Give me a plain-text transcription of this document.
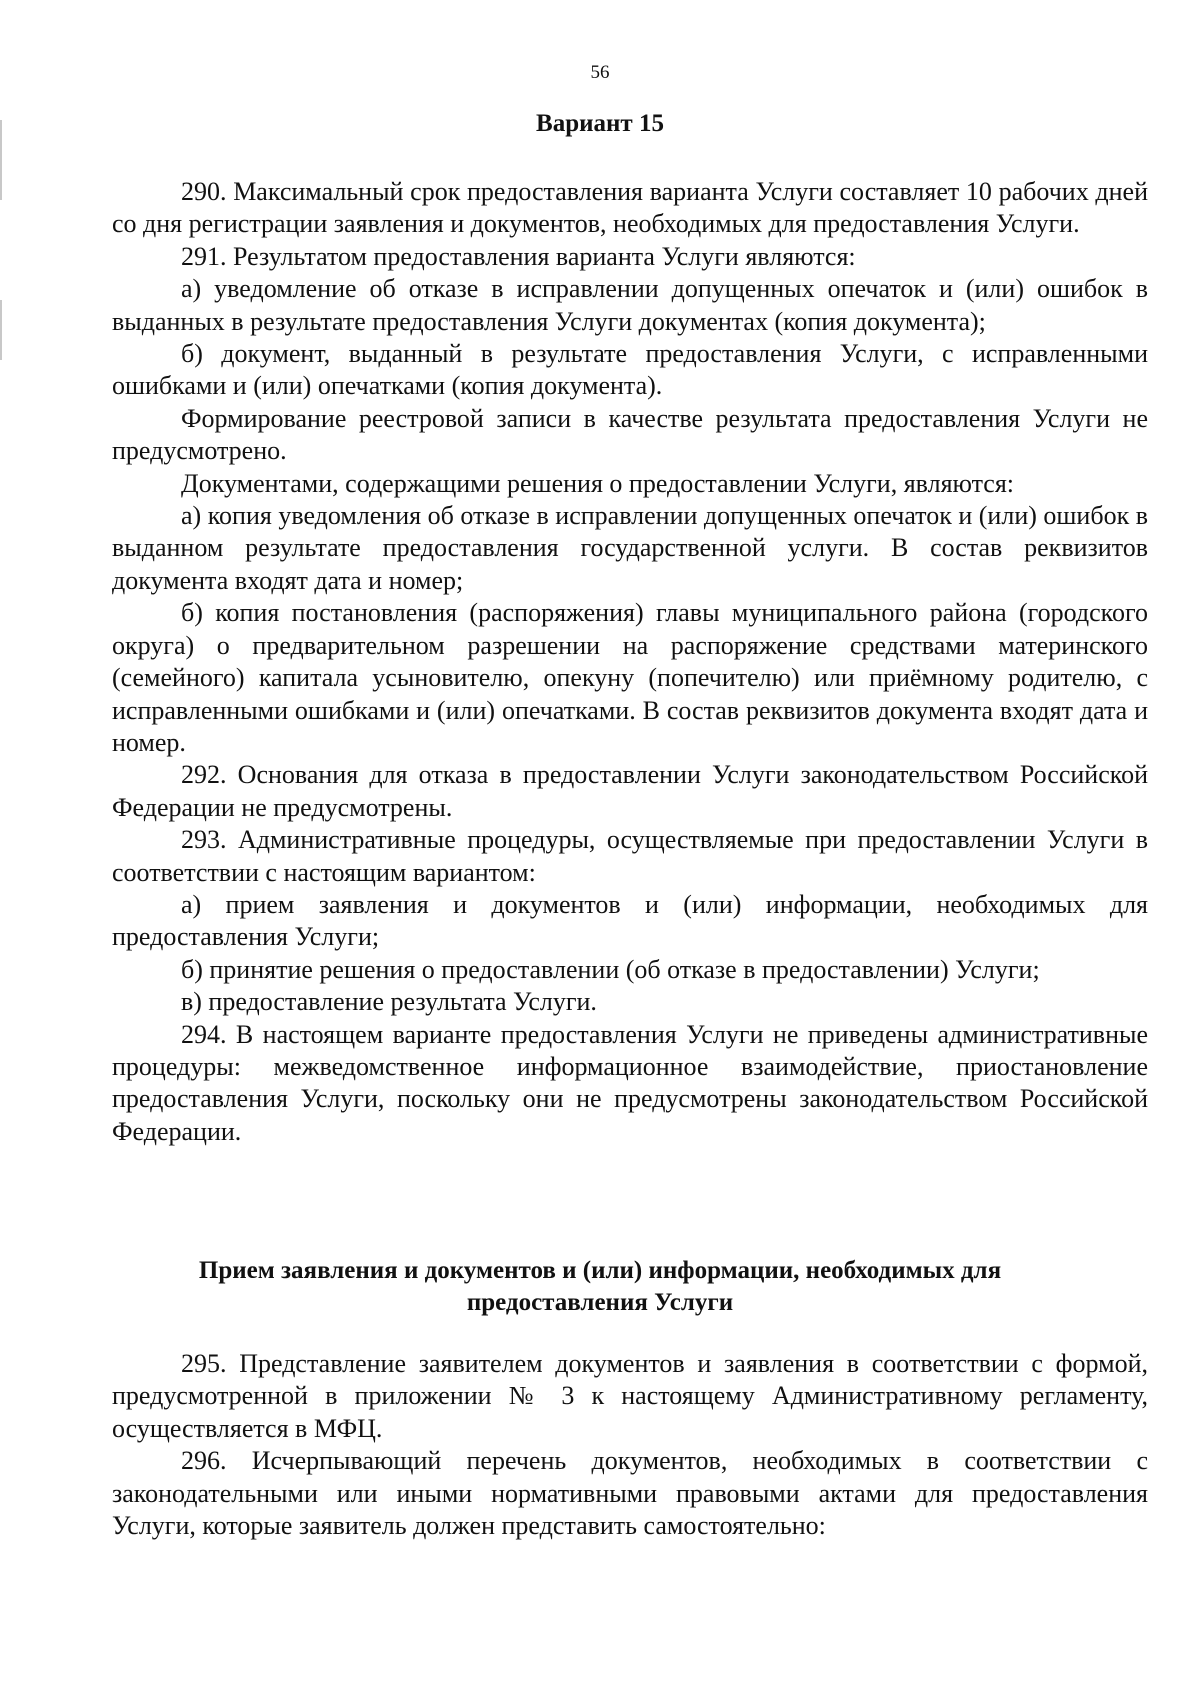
56
Вариант 15

290. Максимальный срок предоставления варианта Услуги составляет 10 рабочих дней со дня регистрации заявления и документов, необходимых для предоставления Услуги.

291. Результатом предоставления варианта Услуги являются:

а) уведомление об отказе в исправлении допущенных опечаток и (или) ошибок в выданных в результате предоставления Услуги документах (копия документа);

б) документ, выданный в результате предоставления Услуги, с исправленными ошибками и (или) опечатками (копия документа).

Формирование реестровой записи в качестве результата предоставления Услуги не предусмотрено.

Документами, содержащими решения о предоставлении Услуги, являются:

а) копия уведомления об отказе в исправлении допущенных опечаток и (или) ошибок в выданном результате предоставления государственной услуги. В состав реквизитов документа входят дата и номер;

б) копия постановления (распоряжения) главы муниципального района (городского округа) о предварительном разрешении на распоряжение средствами материнского (семейного) капитала усыновителю, опекуну (попечителю) или приёмному родителю, с исправленными ошибками и (или) опечатками. В состав реквизитов документа входят дата и номер.

292. Основания для отказа в предоставлении Услуги законодательством Российской Федерации не предусмотрены.

293. Административные процедуры, осуществляемые при предоставлении Услуги в соответствии с настоящим вариантом:

а) прием заявления и документов и (или) информации, необходимых для предоставления Услуги;

б) принятие решения о предоставлении (об отказе в предоставлении) Услуги;

в) предоставление результата Услуги.

294. В настоящем варианте предоставления Услуги не приведены административные процедуры: межведомственное информационное взаимодействие, приостановление предоставления Услуги, поскольку они не предусмотрены законодательством Российской Федерации.

Прием заявления и документов и (или) информации, необходимых для предоставления Услуги

295. Представление заявителем документов и заявления в соответствии с формой, предусмотренной в приложении № 3 к настоящему Административному регламенту, осуществляется в МФЦ.

296. Исчерпывающий перечень документов, необходимых в соответствии с законодательными или иными нормативными правовыми актами для предоставления Услуги, которые заявитель должен представить самостоятельно:
